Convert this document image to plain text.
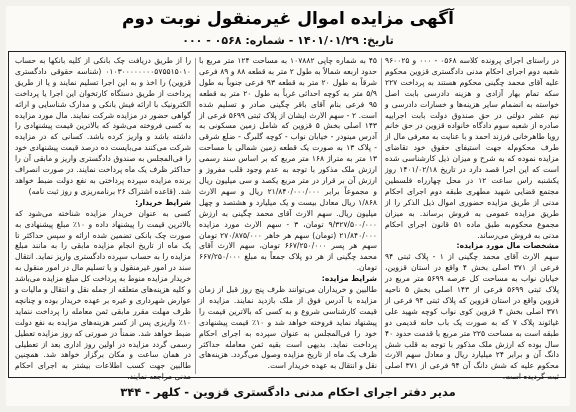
آگهی مزایده اموال غیرمنقول نوبت دوم
تاریخ: ۱۴۰۱/۰۱/۲۹ - شماره: ۰۵۶۸ - ۰۰۰

در راستای اجرای پرونده کلاسه ۰۵۶۸ - ۰۰۰ و ۹۶۰۰۲۵ شعبه دوم اجرای احکام مدنی دادگستری قزوین محکوم علیه آقای محمد چگینی محکوم هستند به پرداخت ۲۲۷ سکه تمام بهار آزادی و هزینه دادرسی بابت اصل خواسته به انضمام سایر هزینه‌ها و خسارات دادرسی و نیم عشر دولتی در حق صندوق دولت بابت اجراییه صادره از شعبه سوم دادگاه خانواده قزوین در حق خانم رویا طاهرخانی فرزند احمد و با عنایت به معرفی مال از طرف محکوم‌له جهت استیفای حقوق خود تقاضای مزایده نموده که به شرح و میزان ذیل کارشناسی شده است که این اجرا قصد دارد در تاریخ ۱۴۰۱/۰۲/۱۸ روز یکشنبه راس ساعت ۱۲ در محل چهارراه فلسطین مجتمع قضایی شهید مطهری طبقه دوم اجرای احکام مدنی از طریق مزایده حضوری اموال ذیل الذکر را از طریق مزایده عمومی به فروش برساند. به میزان مجموع محکوم‌به طبق ماده ۵۱ قانون اجرای احکام مدنی به فروش می‌رساند.

مشخصات مال مورد مزایده:

سهم الارث آقای محمد چگینی از ۱ - پلاک ثبتی ۹۴ فرعی از ۳۷۱ اصلی بخش ۴ واقع در استان قزوین، خیابان نواب به مساحت کل عرصه ۵۶۹۹ متر مربع در پلاک ثبتی ۵۶۹۹ فرعی از ۱۴۳ اصلی بخش ۵ ناحیه قزوین واقع در استان قزوین که پلاک ثبتی ۹۴ فرعی از ۳۷۱ اصلی بخش ۴ قزوین کوی نواب کوچه شهید علی غیاثوند پلاک ۷ که به صورت یک باب خانه قدیمی دو طبقه است به مساحت ۲۲۵ متر مربع با قدمت حدود ۴۰ سال بوده که ارزش ملک مذکور با توجه به قلب شش دانگ آن و برابر ۲۴ میلیارد ریال و معادل سهم الارث محکوم علیه که شش دانگ آن ۹۴ فرعی از ۳۷۱ اصلی ثبت گردیده است.

۴۵ به شماره چاپی ۱۰۷۸۸۲ به مساحت ۱۲۴ متر مربع با حدود اربعه شمالاً به طول ۲ متر به قطعه ۸۸ و ۸۹ فرعی شرقاً به طول ۲۰ متر به قطعه ۹۳ فرعی جنوباً به طول ۵/۹ متر به کوچه احداثی غرباً به طول ۲۰ متر به قطعه ۹۵ فرعی بنام آقای باقر چگینی صادر و تسلیم شده است. ۲ - سهم الارث ایشان از پلاک ثبتی ۵۶۹۹ فرعی از ۱۴۳ اصلی بخش ۵ قزوین که شامل زمین مسکونی به آدرس مینودر - خیابان نواب - کوچه گلبرگ - ضلع شرقی - پلاک ۱۳ به صورت یک قطعه زمین شمالی با مساحت ۱۳ متر به متراژ ۱۶۸ متر مربع که بر اساس سند رسمی ارزش ملک مذکور با توجه به عدم وجود قلب مفروز و ارزش آن بر قرار در متر مربع یکصد و سی میلیون ریال و مجموعاً برابر ۲۱/۸۴۰/۰۰۰/۰۰۰ ریال و سهم الارث ۱/۸۶۸ ریال معادل بیست و یک میلیارد و هشتصد و چهل میلیون ریال. سهم الارث آقای محمد چگینی به ارزش ۹/۳۲۷/۵۰۰/۰۰۰ تومان، ۳ - سهم الارث مورد مزایده ۲۱/۸۴۰/۰۰۰ (تومان) سهم هر خاهر ۲۷۰/۸۷۵/۰۰۰ تومان سهم هر پسر ۶۶۷/۲۵۰/۰۰۰ تومان، سهم الارث آقای محمد چگینی از هر دو پلاک جمعاً به مبلغ ۶۶۷/۲۵۰/۰۰۰ تومان.

شرایط مزایده:

طالبین و خریداران می‌توانند ظرف پنج روز قبل از زمان مزایده با آدرس فوق از ملک بازدید نمایند. مزایده از قیمت کارشناسی شروع و به کسی که بالاترین قیمت را پیشنهاد نماید فروخته خواهد شد و ۱۰٪ قیمت پیشنهادی خود را فی‌المجلس به عنوان سپرده به اجرای احکام پرداخت نماید. بدیهی است بقیه ثمن معامله حداکثر ظرف یک ماه از تاریخ مزایده وصول می‌گردد. هزینه‌های نقل و انتقال به عهده خریدار است.

را از طریق دریافت چک بانکی از کلیه بانکها به حساب ۰۱۰۳۰۰۰۰۰۰۰۰۵۷۵۵۱۵۰۱۰ (شناسه حقوقی دادگستری قزوین) را اخذ و به این اجرا تسلیم نمایند و یا از طریق پرداخت از طریق دستگاه کارتخوان این اجرا یا پرداخت الکترونیک با ارائه فیش بانکی و مدارک شناسایی و ارائه گواهی حضور در مزایده شرکت نمایند. مال مورد مزایده به کسی فروخته می‌شود که بالاترین قیمت پیشنهادی را داشته باشد و واریز کرده باشد. کسانی که در مزایده شرکت می‌کنند می‌بایست ده درصد قیمت پیشنهادی خود را فی‌المجلس به صندوق دادگستری واریز و مابقی آن را حداکثر ظرف یک ماه پرداخت نمایند. در صورت انصراف برنده مزایده سپرده پرداختی به نفع دولت ضبط خواهد شد. (قاعده اشتراک ۲۶ برنامه‌ریزی و روز ثبت نامه)

شرایط خریدار:

کسی به عنوان خریدار مزایده شناخته می‌شود که بالاترین قیمت را پیشنهاد داده و ۱۰٪ مبلغ پیشنهادی به صورت چک بانکی تضمین شده ارائه و سپس حداکثر تا یک ماه از تاریخ انجام مزایده مابقی را به مانند مبلغ مزایده را به حساب سپرده دادگستری واریز نماید. انتقال سند در امور غیرمنقول و یا تسلیم مال در امور منقول به خریدار مزایده منوط به پرداخت کل مبلغ مزایده می‌باشد و کلیه هزینه‌های متعلقه از جمله نقل و انتقال و مالیات و عوارض شهرداری و غیره بر عهده خریدار بوده و چنانچه ظرف مهلت مقرر مابقی ثمن معامله را پرداخت ننماید ۱۰٪ واریزی پس از کسر هزینه‌های مزایده به نفع دولت ضبط خواهد شد. ضمناً در صورتی که روز مزایده تعطیل رسمی گردد مزایده در اولین روز اداری بعد از تعطیلی در همان ساعت و مکان برگزار خواهد شد. همچنین طالبین جهت کسب اطلاعات بیشتر به اجرای احکام مدنی مراجعه نمایند.

مدیر دفتر اجرای احکام مدنی دادگستری قزوین - کلهر - ۳۴۴
